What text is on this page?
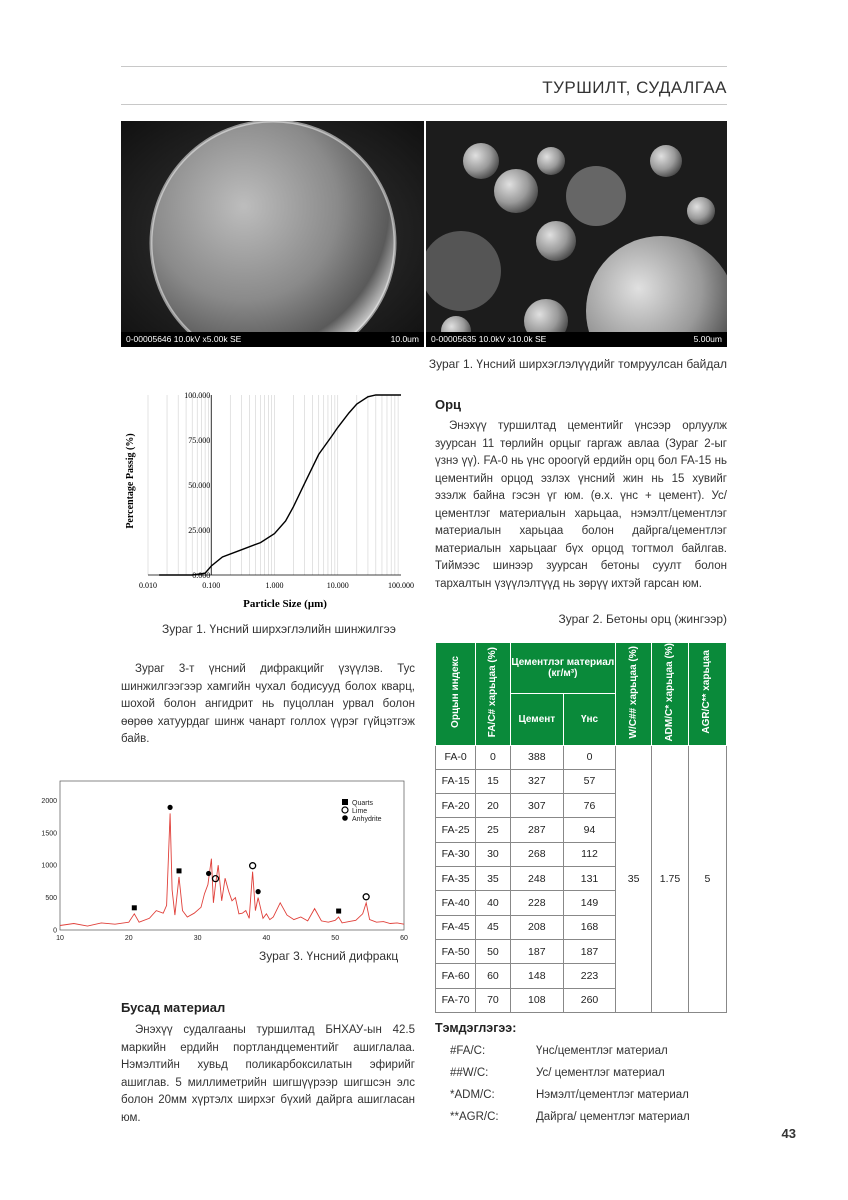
ТУРШИЛТ, СУДАЛГАА
0-00005646 10.0kV x5.00k SE	10.0um	0-00005635 10.0kV x10.0k SE	5.00um
Зураг 1. Үнсний ширхэглэлүүдийг томруулсан байдал
0.010	0.100	1.000	10.000	100.000
0.000
25.000
50.000
75.000
100.000
Particle Size (μm)
Percentage Passig (%)
Зураг 1. Үнсний ширхэглэлийн шинжилгээ
Зураг 3-т үнсний дифракцийг үзүүлэв. Тус шинжилгээгээр хамгийн чухал бодисууд болох кварц, шохой болон ангидрит нь пуцоллан урвал болон өөрөө хатуурдаг шинж чанарт голлох үүрэг гүйцэтгэж байв.
10	20	30	40	50	60
0
500
1000
1500
2000	Quarts
Lime
Anhydrite
Зураг 3. Үнсний дифракц
Бусад материал
Энэхүү судалгааны туршилтад БНХАУ-ын 42.5 маркийн ердийн портландцементийг ашиглалаа. Нэмэлтийн хувьд поликарбоксилатын эфирийг ашиглав. 5 миллиметрийн шигшүүрээр шигшсэн элс болон 20мм хүртэлх ширхэг бүхий дайрга ашигласан юм.
Орц
Энэхүү туршилтад цементийг үнсээр орлуулж зуурсан 11 төрлийн орцыг гаргаж авлаа (Зураг 2-ыг үзнэ үү). FA-0 нь үнс ороогүй ердийн орц бол FA-15 нь цементийн орцод эзлэх үнсний жин нь 15 хувийг эзэлж байна гэсэн үг юм. (ө.х. үнс + цемент). Ус/цементлэг материалын харьцаа, нэмэлт/цементлэг материалын харьцаа болон дайрга/цементлэг материалын харьцааг бүх орцод тогтмол байлгав. Тиймээс шинээр зуурсан бетоны суулт болон тархалтын үзүүлэлтүүд нь зөрүү ихтэй гарсан юм.
Зураг 2. Бетоны орц (жингээр)
Орцын индекс	FA/C# харьцаа (%)	Цементлэг материал (кг/м³)		W/C## харьцаа (%)	ADM/C* харьцаа (%)	AGR/C** харьцаа
		Цемент	Үнс			
FA-0	0	388	0	35	1.75	5
FA-15	15	327	57			
FA-20	20	307	76			
FA-25	25	287	94			
FA-30	30	268	112			
FA-35	35	248	131			
FA-40	40	228	149			
FA-45	45	208	168			
FA-50	50	187	187			
FA-60	60	148	223			
FA-70	70	108	260			
Тэмдэглэгээ:
#FA/C:	Үнс/цементлэг материал
##W/C:	Ус/ цементлэг материал
*ADM/C:	Нэмэлт/цементлэг материал
**AGR/C:	Дайрга/ цементлэг материал
43
